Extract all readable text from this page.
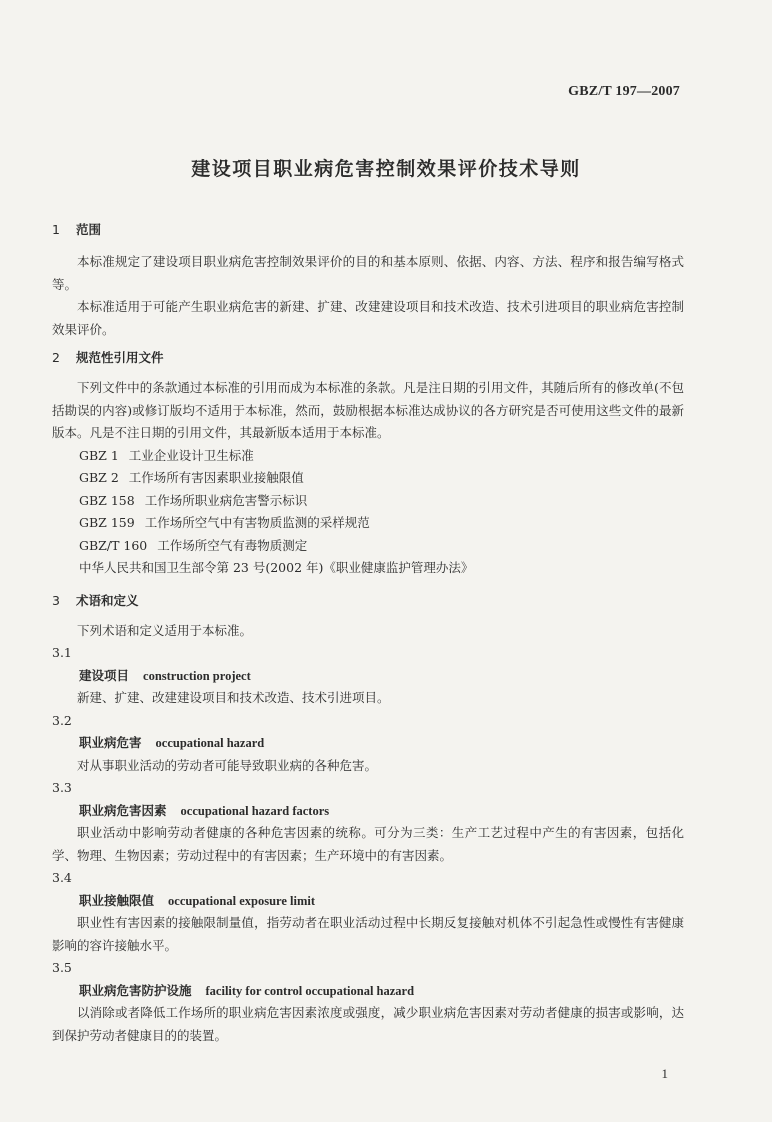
GBZ/T 197—2007
建设项目职业病危害控制效果评价技术导则

1 范围

本标准规定了建设项目职业病危害控制效果评价的目的和基本原则、依据、内容、方法、程序和报告编写格式等。

本标准适用于可能产生职业病危害的新建、扩建、改建建设项目和技术改造、技术引进项目的职业病危害控制效果评价。

2 规范性引用文件

下列文件中的条款通过本标准的引用而成为本标准的条款。凡是注日期的引用文件，其随后所有的修改单(不包括勘误的内容)或修订版均不适用于本标准，然而，鼓励根据本标准达成协议的各方研究是否可使用这些文件的最新版本。凡是不注日期的引用文件，其最新版本适用于本标准。

GBZ 1 工业企业设计卫生标准

GBZ 2 工作场所有害因素职业接触限值

GBZ 158 工作场所职业病危害警示标识

GBZ 159 工作场所空气中有害物质监测的采样规范

GBZ/T 160 工作场所空气有毒物质测定

中华人民共和国卫生部令第 23 号(2002 年)《职业健康监护管理办法》

3 术语和定义

下列术语和定义适用于本标准。

3.1

建设项目 construction project

新建、扩建、改建建设项目和技术改造、技术引进项目。

3.2

职业病危害 occupational hazard

对从事职业活动的劳动者可能导致职业病的各种危害。

3.3

职业病危害因素 occupational hazard factors

职业活动中影响劳动者健康的各种危害因素的统称。可分为三类：生产工艺过程中产生的有害因素，包括化学、物理、生物因素；劳动过程中的有害因素；生产环境中的有害因素。

3.4

职业接触限值 occupational exposure limit

职业性有害因素的接触限制量值，指劳动者在职业活动过程中长期反复接触对机体不引起急性或慢性有害健康影响的容许接触水平。

3.5

职业病危害防护设施 facility for control occupational hazard

以消除或者降低工作场所的职业病危害因素浓度或强度，减少职业病危害因素对劳动者健康的损害或影响，达到保护劳动者健康目的的装置。

1
